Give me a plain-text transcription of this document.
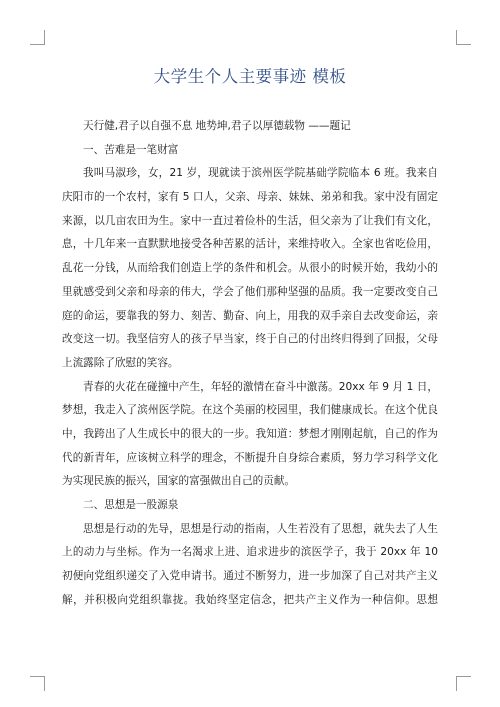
大学生个人主要事迹 模板
天行健,君子以自强不息 地势坤,君子以厚德载物 ——题记
一、苦难是一笔财富
我叫马淑珍，女，21 岁，现就读于滨州医学院基础学院临本 6 班。我来自
庆阳市的一个农村，家有 5 口人，父亲、母亲、妹妹、弟弟和我。家中没有固定
来源，以几亩农田为生。家中一直过着俭朴的生活，但父亲为了让我们有文化，
息，十几年来一直默默地接受各种苦累的活计，来维持收入。全家也省吃俭用，
乱花一分钱，从而给我们创造上学的条件和机会。从很小的时候开始，我幼小的
里就感受到父亲和母亲的伟大，学会了他们那种坚强的品质。我一定要改变自己
庭的命运，要靠我的努力、刻苦、勤奋、向上，用我的双手亲自去改变命运，亲
改变这一切。我坚信穷人的孩子早当家，终于自己的付出终归得到了回报，父母
上流露除了欣慰的笑容。
青春的火花在碰撞中产生，年轻的激情在奋斗中激荡。20xx 年 9 月 1 日，
梦想，我走入了滨州医学院。在这个美丽的校园里，我们健康成长。在这个优良
中，我跨出了人生成长中的很大的一步。我知道：梦想才刚刚起航，自己的作为
代的新青年，应该树立科学的理念，不断提升自身综合素质，努力学习科学文化
为实现民族的振兴，国家的富强做出自己的贡献。
二、思想是一股源泉
思想是行动的先导，思想是行动的指南，人生若没有了思想，就失去了人生
上的动力与坐标。作为一名渴求上进、追求进步的滨医学子，我于 20xx 年 10
初便向党组织递交了入党申请书。通过不断努力，进一步加深了自己对共产主义
解，并积极向党组织靠拢。我始终坚定信念，把共产主义作为一种信仰。思想
